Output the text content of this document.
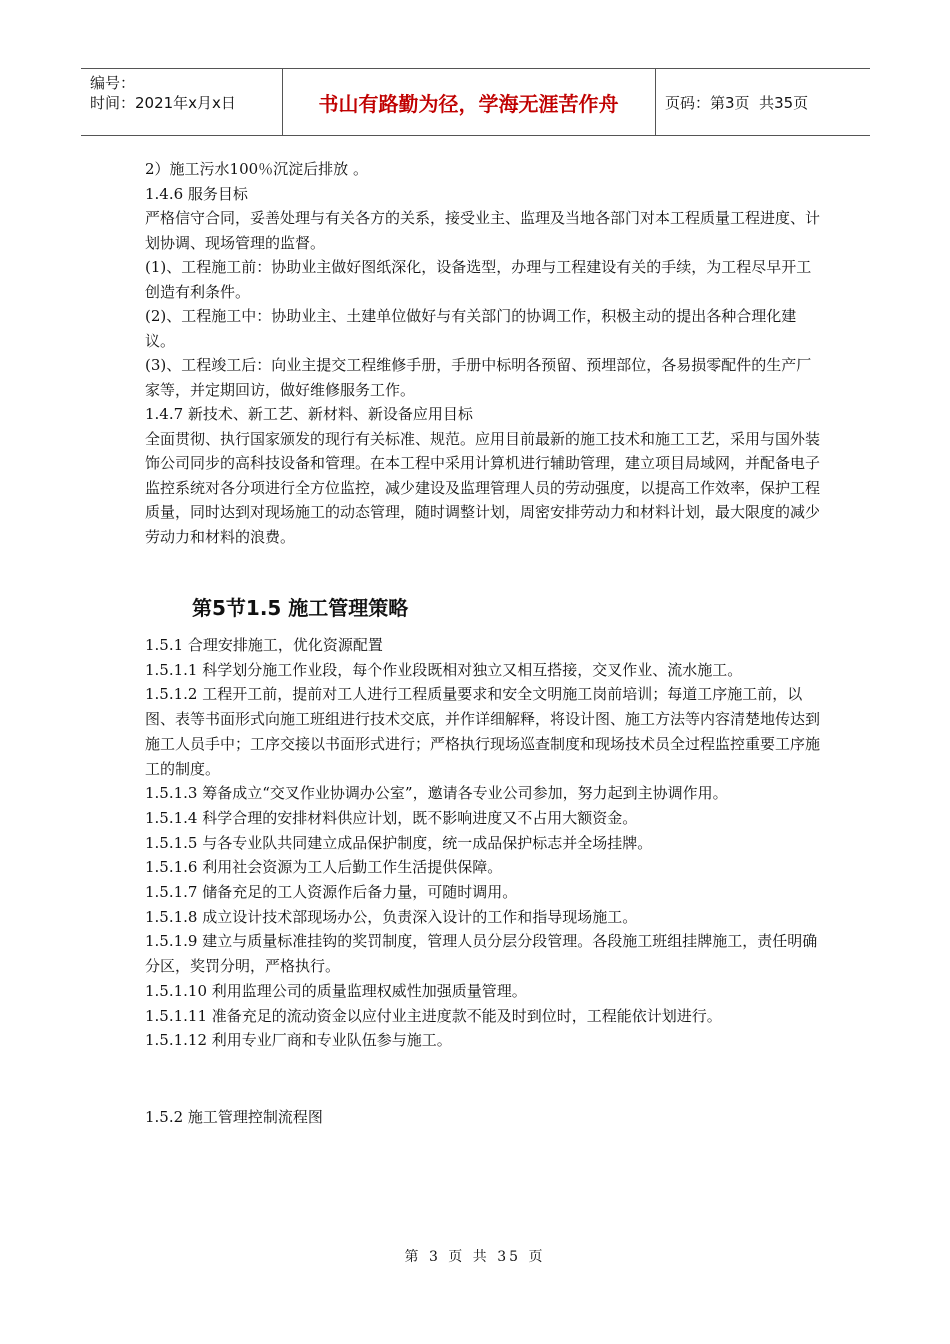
编号：
时间：2021年x月x日	书山有路勤为径，学海无涯苦作舟	页码：第3页  共35页

2）施工污水100％沉淀后排放 。

1.4.6 服务目标

严格信守合同，妥善处理与有关各方的关系，接受业主、监理及当地各部门对本工程质量工程进度、计划协调、现场管理的监督。

(1)、工程施工前：协助业主做好图纸深化，设备选型，办理与工程建设有关的手续，为工程尽早开工创造有利条件。

(2)、工程施工中：协助业主、土建单位做好与有关部门的协调工作，积极主动的提出各种合理化建议。

(3)、工程竣工后：向业主提交工程维修手册，手册中标明各预留、预埋部位，各易损零配件的生产厂家等，并定期回访，做好维修服务工作。

1.4.7 新技术、新工艺、新材料、新设备应用目标

全面贯彻、执行国家颁发的现行有关标准、规范。应用目前最新的施工技术和施工工艺，采用与国外装饰公司同步的高科技设备和管理。在本工程中采用计算机进行辅助管理，建立项目局域网，并配备电子监控系统对各分项进行全方位监控，减少建设及监理管理人员的劳动强度，以提高工作效率，保护工程质量，同时达到对现场施工的动态管理，随时调整计划，周密安排劳动力和材料计划，最大限度的减少劳动力和材料的浪费。

第5节1.5 施工管理策略

1.5.1 合理安排施工，优化资源配置

1.5.1.1 科学划分施工作业段，每个作业段既相对独立又相互搭接，交叉作业、流水施工。

1.5.1.2 工程开工前，提前对工人进行工程质量要求和安全文明施工岗前培训；每道工序施工前，以图、表等书面形式向施工班组进行技术交底，并作详细解释，将设计图、施工方法等内容清楚地传达到施工人员手中；工序交接以书面形式进行；严格执行现场巡查制度和现场技术员全过程监控重要工序施工的制度。

1.5.1.3 筹备成立“交叉作业协调办公室”，邀请各专业公司参加，努力起到主协调作用。

1.5.1.4 科学合理的安排材料供应计划，既不影响进度又不占用大额资金。

1.5.1.5 与各专业队共同建立成品保护制度，统一成品保护标志并全场挂牌。

1.5.1.6 利用社会资源为工人后勤工作生活提供保障。

1.5.1.7 储备充足的工人资源作后备力量，可随时调用。

1.5.1.8 成立设计技术部现场办公，负责深入设计的工作和指导现场施工。

1.5.1.9 建立与质量标准挂钩的奖罚制度，管理人员分层分段管理。各段施工班组挂牌施工，责任明确分区，奖罚分明，严格执行。

1.5.1.10 利用监理公司的质量监理权威性加强质量管理。

1.5.1.11 准备充足的流动资金以应付业主进度款不能及时到位时，工程能依计划进行。

1.5.1.12 利用专业厂商和专业队伍参与施工。

1.5.2 施工管理控制流程图
第 3 页 共 35 页
